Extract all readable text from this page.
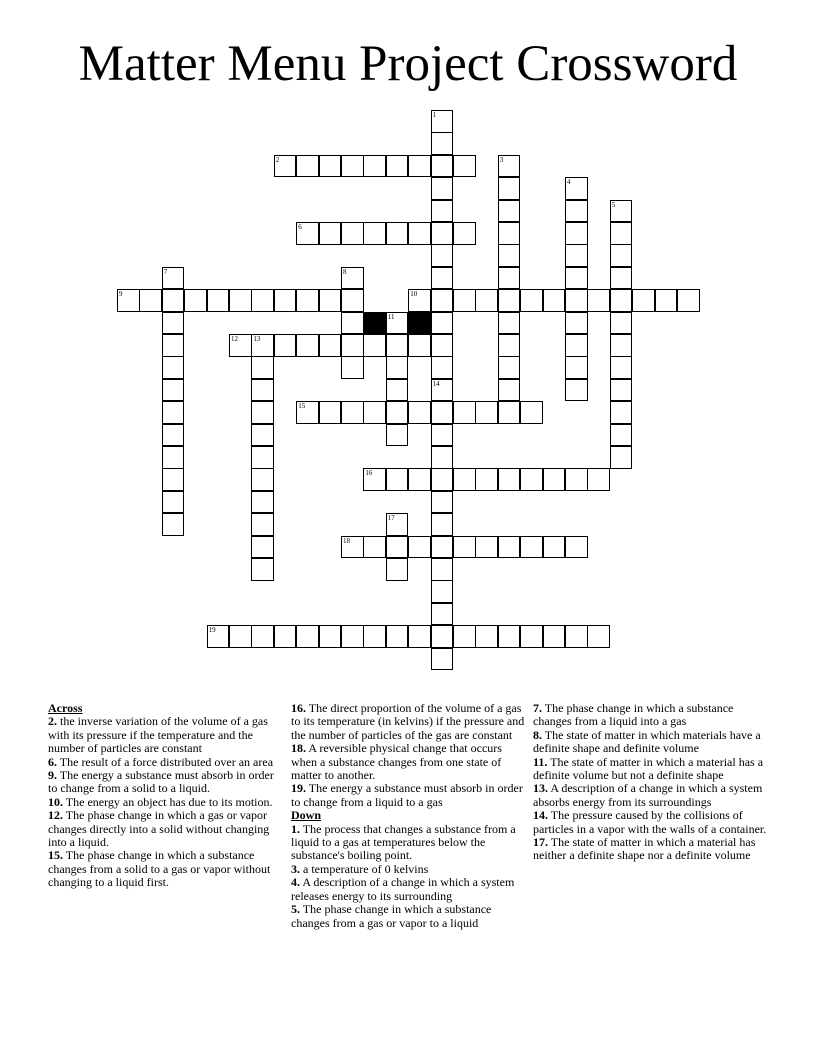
Matter Menu Project Crossword
1
14
2	3
4
5
6
7	8
9	10
11
12 13
15
16
17
18
19
Across
2. the inverse variation of the volume of a gas with its pressure if the temperature and the number of particles are constant
6. The result of a force distributed over an area
9. The energy a substance must absorb in order to change from a solid to a liquid.
10. The energy an object has due to its motion.
12. The phase change in which a gas or vapor changes directly into a solid without changing into a liquid.
15. The phase change in which a substance changes from a solid to a gas or vapor without changing to a liquid first.
16. The direct proportion of the volume of a gas to its temperature (in kelvins) if the pressure and the number of particles of the gas are constant
18. A reversible physical change that occurs when a substance changes from one state of matter to another.
19. The energy a substance must absorb in order to change from a liquid to a gas
Down
1. The process that changes a substance from a liquid to a gas at temperatures below the substance's boiling point.
3. a temperature of 0 kelvins
4. A description of a change in which a system releases energy to its surrounding
5. The phase change in which a substance changes from a gas or vapor to a liquid
7. The phase change in which a substance changes from a liquid into a gas
8. The state of matter in which materials have a definite shape and definite volume
11. The state of matter in which a material has a definite volume but not a definite shape
13. A description of a change in which a system absorbs energy from its surroundings
14. The pressure caused by the collisions of particles in a vapor with the walls of a container.
17. The state of matter in which a material has neither a definite shape nor a definite volume
